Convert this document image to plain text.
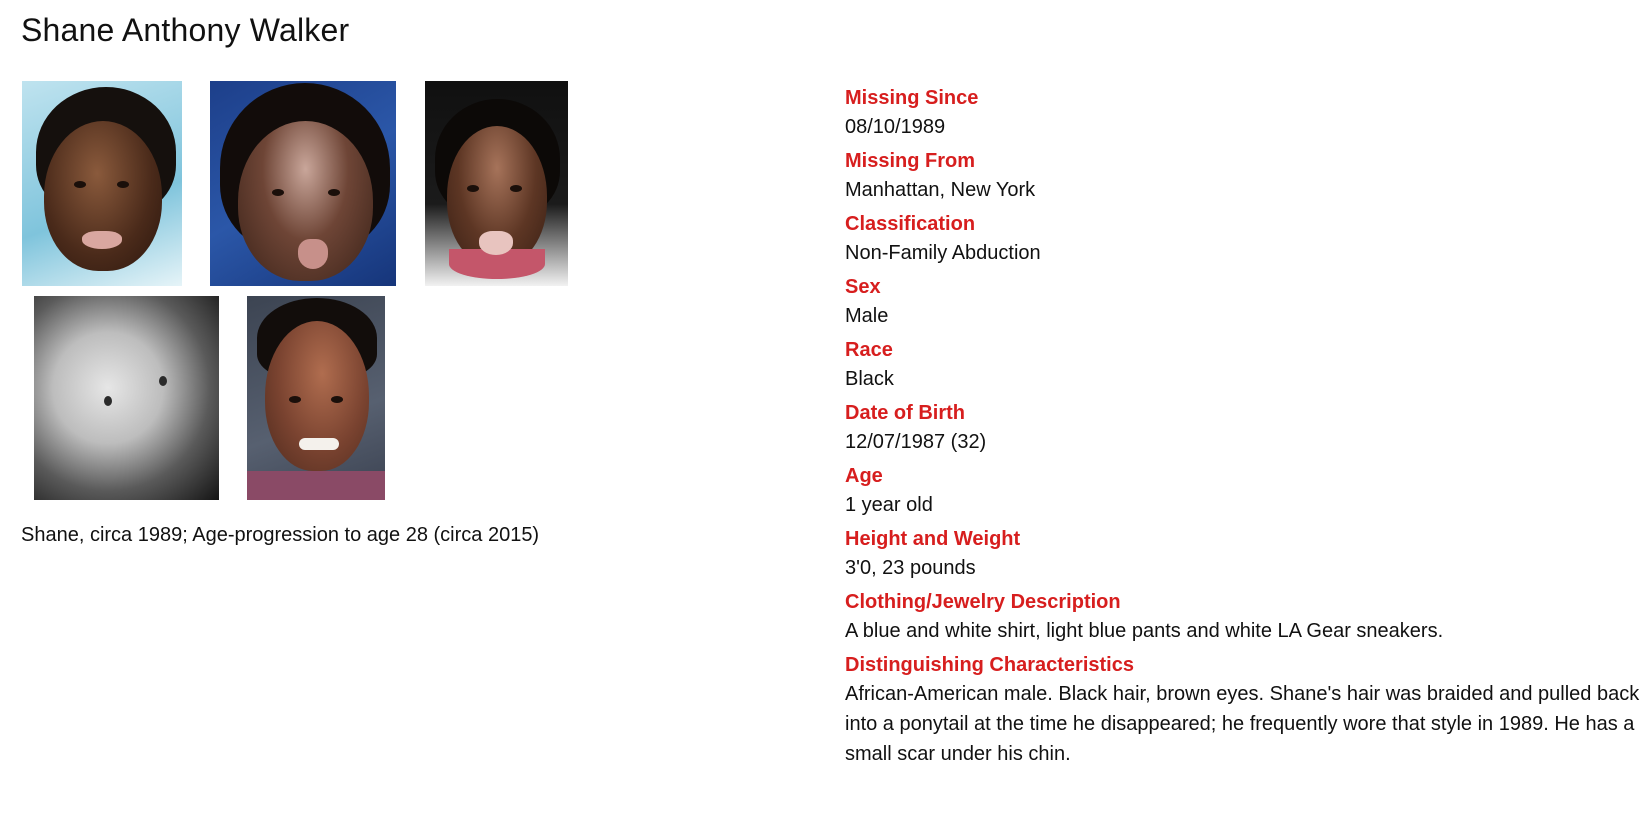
Shane Anthony Walker

Shane, circa 1989; Age-progression to age 28 (circa 2015)

Missing Since
08/10/1989
Missing From
Manhattan, New York
Classification
Non-Family Abduction
Sex
Male
Race
Black
Date of Birth
12/07/1987 (32)
Age
1 year old
Height and Weight
3'0, 23 pounds
Clothing/Jewelry Description
A blue and white shirt, light blue pants and white LA Gear sneakers.
Distinguishing Characteristics
African-American male. Black hair, brown eyes. Shane's hair was braided and pulled back into a ponytail at the time he disappeared; he frequently wore that style in 1989. He has a small scar under his chin.
